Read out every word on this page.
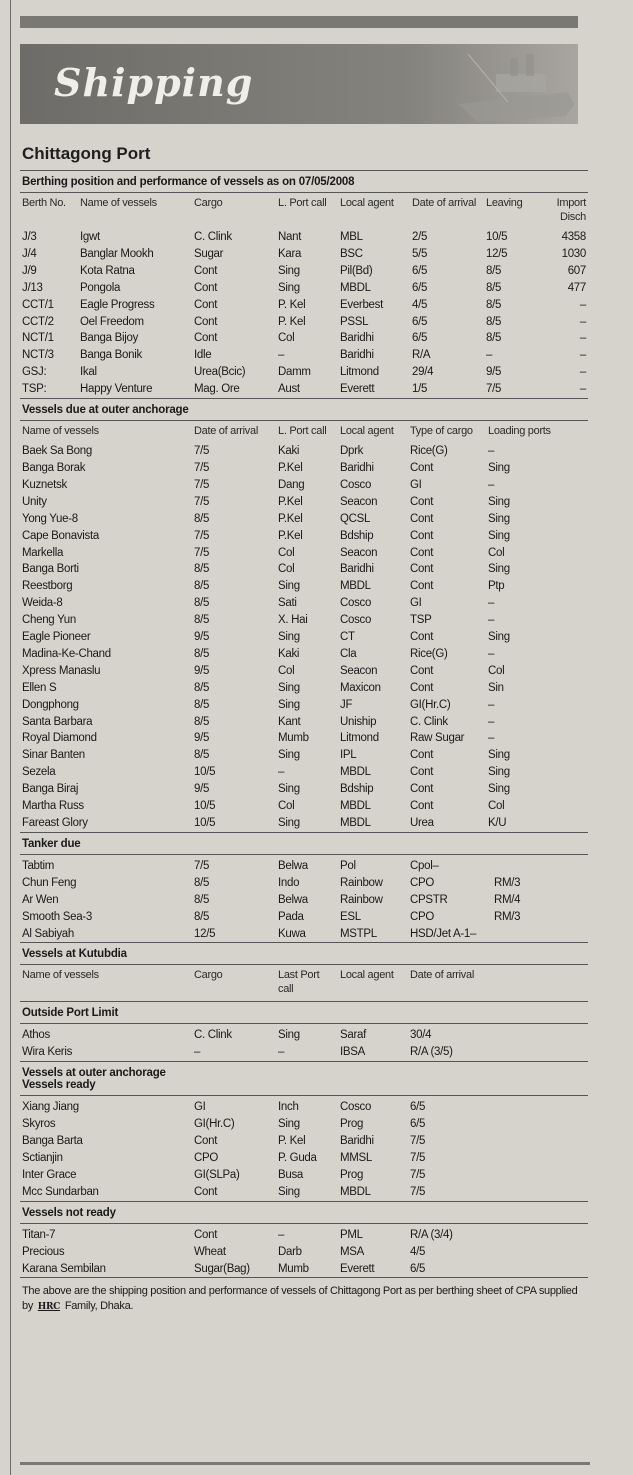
Shipping
Chittagong Port
Berthing position and performance of vessels as on 07/05/2008
Berth No.	Name of vessels	Cargo	L. Port call	Local agent	Date of arrival	Leaving	Import Disch
J/3	Igwt	C. Clink	Nant	MBL	2/5	10/5	4358
J/4	Banglar Mookh	Sugar	Kara	BSC	5/5	12/5	1030
J/9	Kota Ratna	Cont	Sing	Pil(Bd)	6/5	8/5	607
J/13	Pongola	Cont	Sing	MBDL	6/5	8/5	477
CCT/1	Eagle Progress	Cont	P. Kel	Everbest	4/5	8/5	–
CCT/2	Oel Freedom	Cont	P. Kel	PSSL	6/5	8/5	–
NCT/1	Banga Bijoy	Cont	Col	Baridhi	6/5	8/5	–
NCT/3	Banga Bonik	Idle	–	Baridhi	R/A	–	–
GSJ:	Ikal	Urea(Bcic)	Damm	Litmond	29/4	9/5	–
TSP:	Happy Venture	Mag. Ore	Aust	Everett	1/5	7/5	–
Vessels due at outer anchorage
Name of vessels	Date of arrival	L. Port call	Local agent	Type of cargo	Loading ports
Baek Sa Bong	7/5	Kaki	Dprk	Rice(G)	–
Banga Borak	7/5	P.Kel	Baridhi	Cont	Sing
Kuznetsk	7/5	Dang	Cosco	GI	–
Unity	7/5	P.Kel	Seacon	Cont	Sing
Yong Yue-8	8/5	P.Kel	QCSL	Cont	Sing
Cape Bonavista	7/5	P.Kel	Bdship	Cont	Sing
Markella	7/5	Col	Seacon	Cont	Col
Banga Borti	8/5	Col	Baridhi	Cont	Sing
Reestborg	8/5	Sing	MBDL	Cont	Ptp
Weida-8	8/5	Sati	Cosco	GI	–
Cheng Yun	8/5	X. Hai	Cosco	TSP	–
Eagle Pioneer	9/5	Sing	CT	Cont	Sing
Madina-Ke-Chand	8/5	Kaki	Cla	Rice(G)	–
Xpress Manaslu	9/5	Col	Seacon	Cont	Col
Ellen S	8/5	Sing	Maxicon	Cont	Sin
Dongphong	8/5	Sing	JF	GI(Hr.C)	–
Santa Barbara	8/5	Kant	Uniship	C. Clink	–
Royal Diamond	9/5	Mumb	Litmond	Raw Sugar	–
Sinar Banten	8/5	Sing	IPL	Cont	Sing
Sezela	10/5	–	MBDL	Cont	Sing
Banga Biraj	9/5	Sing	Bdship	Cont	Sing
Martha Russ	10/5	Col	MBDL	Cont	Col
Fareast Glory	10/5	Sing	MBDL	Urea	K/U
Tanker due
Tabtim	7/5	Belwa	Pol	Cpol–	
Chun Feng	8/5	Indo	Rainbow	CPO	RM/3
Ar Wen	8/5	Belwa	Rainbow	CPSTR	RM/4
Smooth Sea-3	8/5	Pada	ESL	CPO	RM/3
Al Sabiyah	12/5	Kuwa	MSTPL	HSD/Jet A-1–	
Vessels at Kutubdia
Name of vessels	Cargo	Last Port call	Local agent	Date of arrival
Outside Port Limit
Athos	C. Clink	Sing	Saraf	30/4
Wira Keris	–	–	IBSA	R/A (3/5)
Vessels at outer anchorage
Vessels ready
Xiang Jiang	GI	Inch	Cosco	6/5
Skyros	GI(Hr.C)	Sing	Prog	6/5
Banga Barta	Cont	P. Kel	Baridhi	7/5
Sctianjin	CPO	P. Guda	MMSL	7/5
Inter Grace	GI(SLPa)	Busa	Prog	7/5
Mcc Sundarban	Cont	Sing	MBDL	7/5
Vessels not ready
Titan-7	Cont	–	PML	R/A (3/4)
Precious	Wheat	Darb	MSA	4/5
Karana Sembilan	Sugar(Bag)	Mumb	Everett	6/5
The above are the shipping position and performance of vessels of Chittagong Port as per berthing sheet of CPA supplied by HRC Family, Dhaka.
